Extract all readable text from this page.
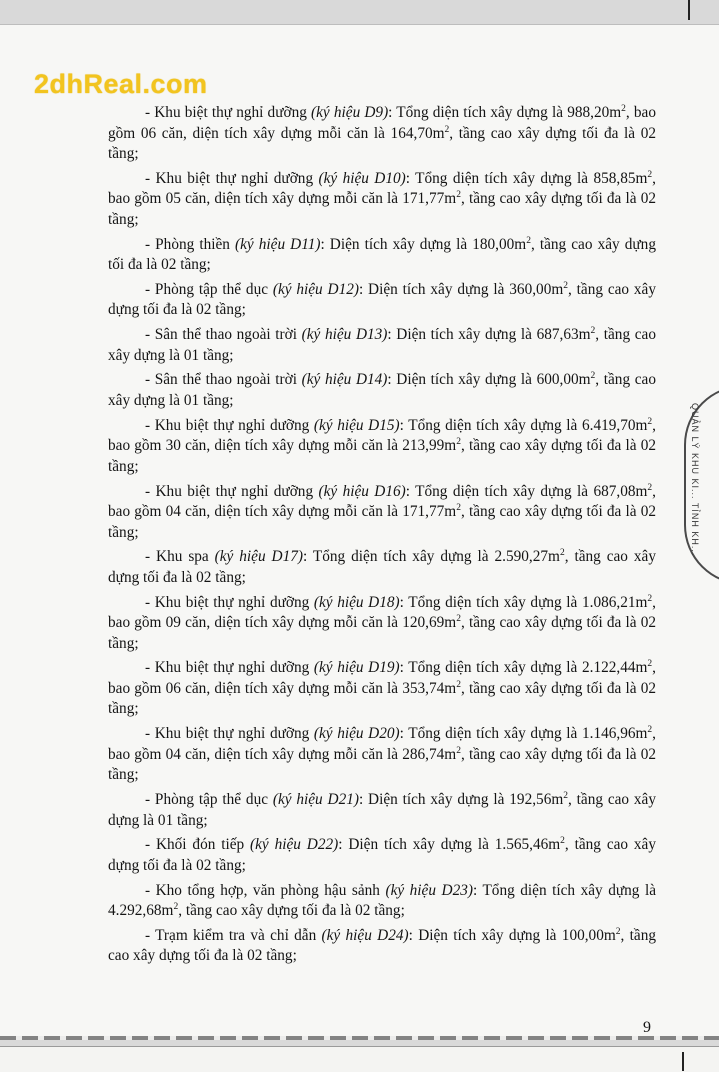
2dhReal.com

- Khu biệt thự nghỉ dưỡng (ký hiệu D9): Tổng diện tích xây dựng là $988,20m^2$, bao gồm 06 căn, diện tích xây dựng mỗi căn là $164,70m^2$, tầng cao xây dựng tối đa là 02 tầng;

- Khu biệt thự nghỉ dưỡng (ký hiệu D10): Tổng diện tích xây dựng là $858,85m^2$, bao gồm 05 căn, diện tích xây dựng mỗi căn là $171,77m^2$, tầng cao xây dựng tối đa là 02 tầng;

- Phòng thiền (ký hiệu D11): Diện tích xây dựng là $180,00m^2$, tầng cao xây dựng tối đa là 02 tầng;

- Phòng tập thể dục (ký hiệu D12): Diện tích xây dựng là $360,00m^2$, tầng cao xây dựng tối đa là 02 tầng;

- Sân thể thao ngoài trời (ký hiệu D13): Diện tích xây dựng là $687,63m^2$, tầng cao xây dựng là 01 tầng;

- Sân thể thao ngoài trời (ký hiệu D14): Diện tích xây dựng là $600,00m^2$, tầng cao xây dựng là 01 tầng;

- Khu biệt thự nghỉ dưỡng (ký hiệu D15): Tổng diện tích xây dựng là $6.419,70m^2$, bao gồm 30 căn, diện tích xây dựng mỗi căn là $213,99m^2$, tầng cao xây dựng tối đa là 02 tầng;

- Khu biệt thự nghỉ dưỡng (ký hiệu D16): Tổng diện tích xây dựng là $687,08m^2$, bao gồm 04 căn, diện tích xây dựng mỗi căn là $171,77m^2$, tầng cao xây dựng tối đa là 02 tầng;

- Khu spa (ký hiệu D17): Tổng diện tích xây dựng là $2.590,27m^2$, tầng cao xây dựng tối đa là 02 tầng;

- Khu biệt thự nghỉ dưỡng (ký hiệu D18): Tổng diện tích xây dựng là $1.086,21m^2$, bao gồm 09 căn, diện tích xây dựng mỗi căn là $120,69m^2$, tầng cao xây dựng tối đa là 02 tầng;

- Khu biệt thự nghỉ dưỡng (ký hiệu D19): Tổng diện tích xây dựng là $2.122,44m^2$, bao gồm 06 căn, diện tích xây dựng mỗi căn là $353,74m^2$, tầng cao xây dựng tối đa là 02 tầng;

- Khu biệt thự nghỉ dưỡng (ký hiệu D20): Tổng diện tích xây dựng là $1.146,96m^2$, bao gồm 04 căn, diện tích xây dựng mỗi căn là $286,74m^2$, tầng cao xây dựng tối đa là 02 tầng;

- Phòng tập thể dục (ký hiệu D21): Diện tích xây dựng là $192,56m^2$, tầng cao xây dựng là 01 tầng;

- Khối đón tiếp (ký hiệu D22): Diện tích xây dựng là $1.565,46m^2$, tầng cao xây dựng tối đa là 02 tầng;

- Kho tổng hợp, văn phòng hậu sảnh (ký hiệu D23): Tổng diện tích xây dựng là $4.292,68m^2$, tầng cao xây dựng tối đa là 02 tầng;

- Trạm kiểm tra và chỉ dẫn (ký hiệu D24): Diện tích xây dựng là $100,00m^2$, tầng cao xây dựng tối đa là 02 tầng;

QUẢN LÝ KHU KI... TỈNH KH...
9
